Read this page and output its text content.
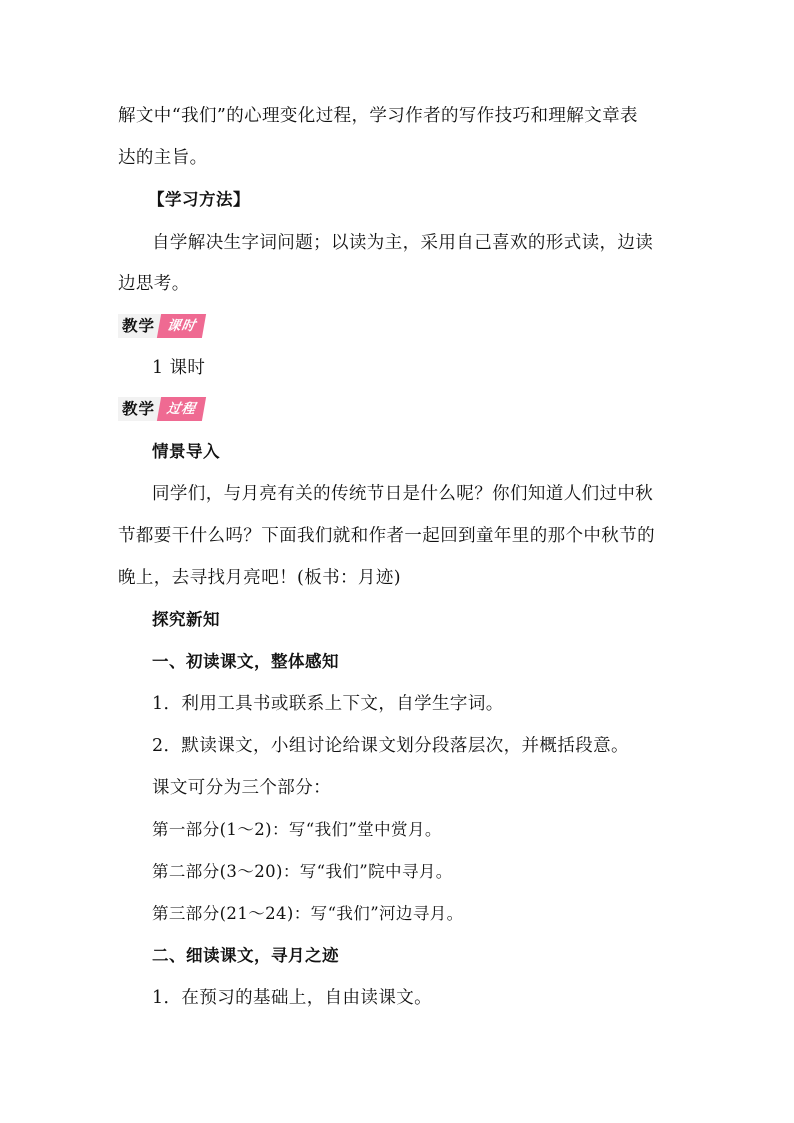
解文中“我们”的心理变化过程，学习作者的写作技巧和理解文章表
达的主旨。
【学习方法】
自学解决生字词问题；以读为主，采用自己喜欢的形式读，边读
边思考。
教学 课时
1 课时
教学 过程
情景导入
同学们，与月亮有关的传统节日是什么呢？你们知道人们过中秋
节都要干什么吗？下面我们就和作者一起回到童年里的那个中秋节的
晚上，去寻找月亮吧！(板书：月迹)
探究新知
一、初读课文，整体感知
1．利用工具书或联系上下文，自学生字词。
2．默读课文，小组讨论给课文划分段落层次，并概括段意。
课文可分为三个部分：
第一部分(1～2)：写“我们”堂中赏月。
第二部分(3～20)：写“我们”院中寻月。
第三部分(21～24)：写“我们”河边寻月。
二、细读课文，寻月之迹
1．在预习的基础上，自由读课文。
